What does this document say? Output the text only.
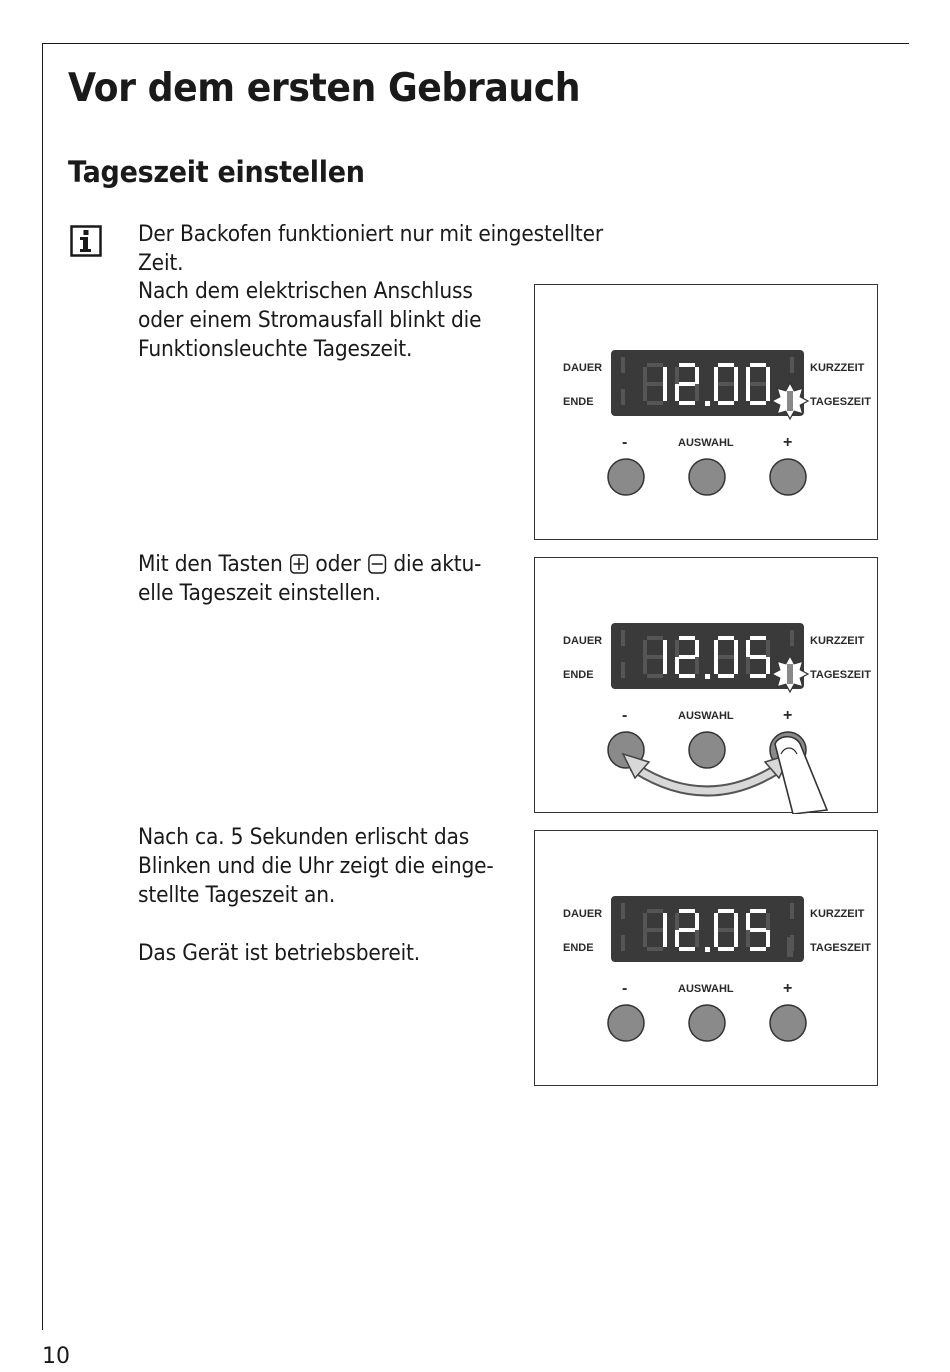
Vor dem ersten Gebrauch
Tageszeit einstellen

Der Backofen funktioniert nur mit eingestellter Zeit.

Nach dem elektrischen Anschluss
oder einem Stromausfall blinkt die
Funktionsleuchte Tageszeit.

Mit den Tasten oder  die aktu-
elle Tageszeit einstellen.

Nach ca. 5 Sekunden erlischt das
Blinken und die Uhr zeigt die einge-
stellte Tageszeit an.

Das Gerät ist betriebsbereit.

DAUER
ENDE
KURZZEIT
TAGESZEIT
-	AUSWAHL	+
DAUER
ENDE
KURZZEIT
TAGESZEIT
-	AUSWAHL	+
DAUER
ENDE
KURZZEIT
TAGESZEIT
-	AUSWAHL	+

10
